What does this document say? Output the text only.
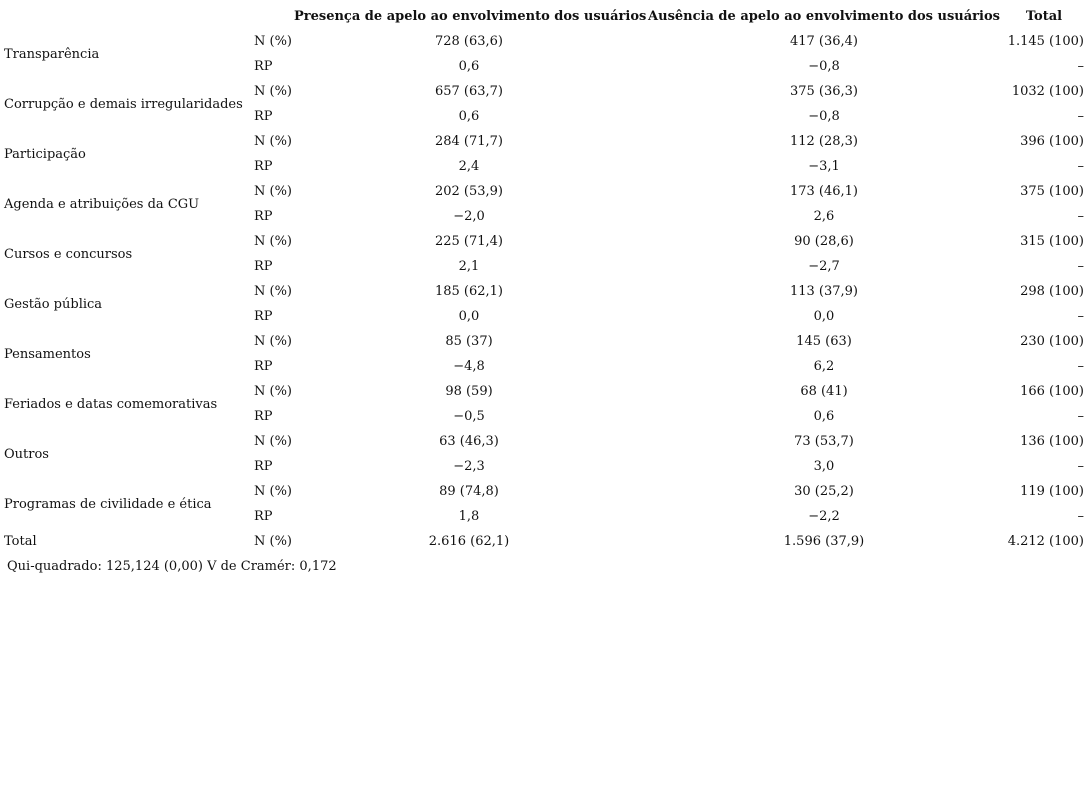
		Presença de apelo ao envolvimento dos usuários	Ausência de apelo ao envolvimento dos usuários	Total
Transparência	N (%)	728 (63,6)	417 (36,4)	1.145 (100)
	RP	0,6	−0,8	–
Corrupção e demais irregularidades	N (%)	657 (63,7)	375 (36,3)	1032 (100)
	RP	0,6	−0,8	–
Participação	N (%)	284 (71,7)	112 (28,3)	396 (100)
	RP	2,4	−3,1	–
Agenda e atribuições da CGU	N (%)	202 (53,9)	173 (46,1)	375 (100)
	RP	−2,0	2,6	–
Cursos e concursos	N (%)	225 (71,4)	90 (28,6)	315 (100)
	RP	2,1	−2,7	–
Gestão pública	N (%)	185 (62,1)	113 (37,9)	298 (100)
	RP	0,0	0,0	–
Pensamentos	N (%)	85 (37)	145 (63)	230 (100)
	RP	−4,8	6,2	–
Feriados e datas comemorativas	N (%)	98 (59)	68 (41)	166 (100)
	RP	−0,5	0,6	–
Outros	N (%)	63 (46,3)	73 (53,7)	136 (100)
	RP	−2,3	3,0	–
Programas de civilidade e ética	N (%)	89 (74,8)	30 (25,2)	119 (100)
	RP	1,8	−2,2	–
Total	N (%)	2.616 (62,1)	1.596 (37,9)	4.212 (100)
Qui-quadrado: 125,124 (0,00) V de Cramér: 0,172
